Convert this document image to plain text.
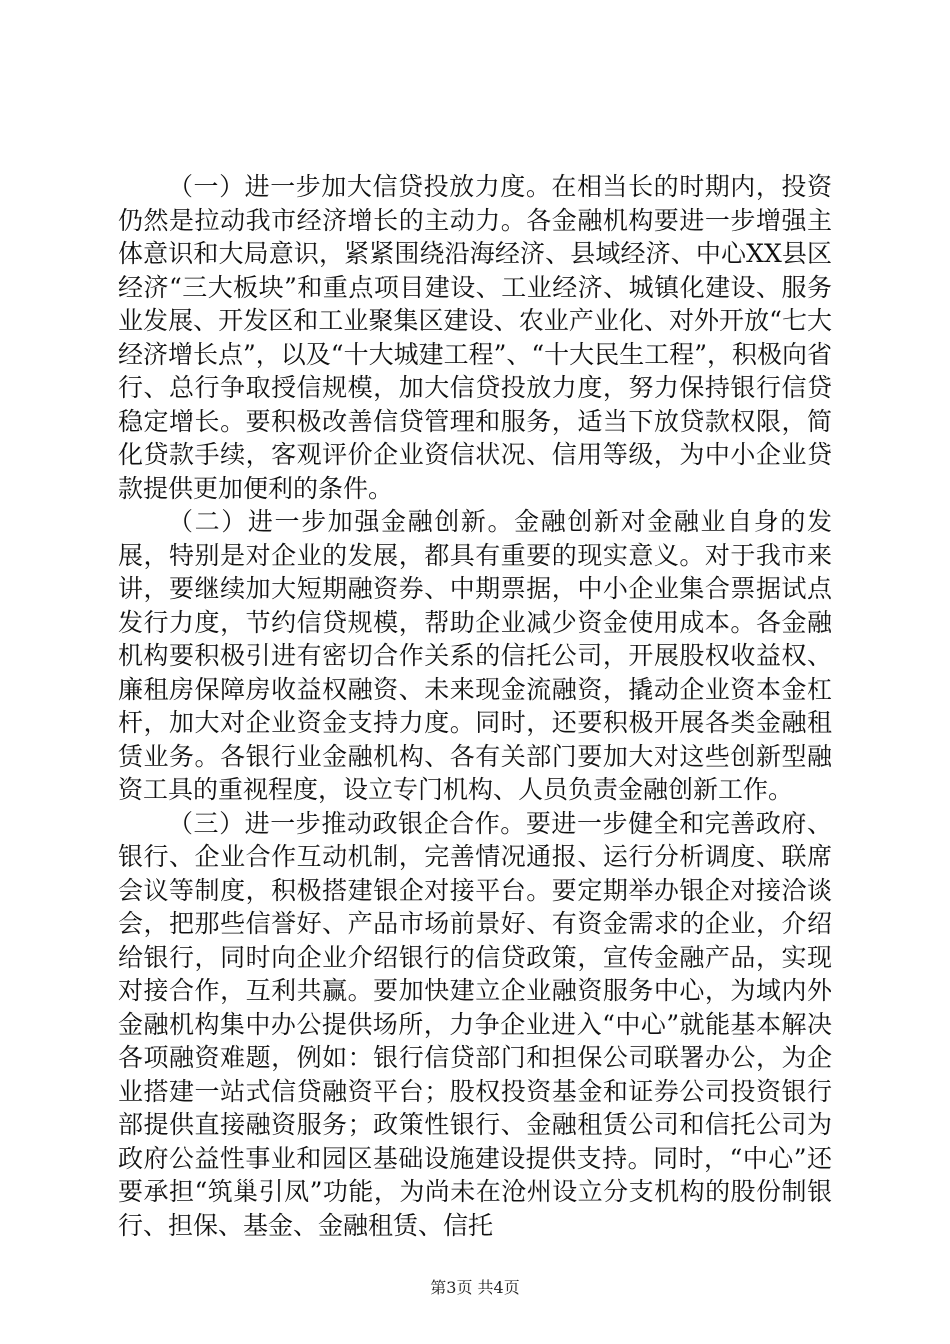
（一）进一步加大信贷投放力度。在相当长的时期内，投资仍然是拉动我市经济增长的主动力。各金融机构要进一步增强主体意识和大局意识，紧紧围绕沿海经济、县域经济、中心XX县区经济“三大板块”和重点项目建设、工业经济、城镇化建设、服务业发展、开发区和工业聚集区建设、农业产业化、对外开放“七大经济增长点”，以及“十大城建工程”、“十大民生工程”，积极向省行、总行争取授信规模，加大信贷投放力度，努力保持银行信贷稳定增长。要积极改善信贷管理和服务，适当下放贷款权限，简化贷款手续，客观评价企业资信状况、信用等级，为中小企业贷款提供更加便利的条件。

（二）进一步加强金融创新。金融创新对金融业自身的发展，特别是对企业的发展，都具有重要的现实意义。对于我市来讲，要继续加大短期融资券、中期票据，中小企业集合票据试点发行力度，节约信贷规模，帮助企业减少资金使用成本。各金融机构要积极引进有密切合作关系的信托公司，开展股权收益权、廉租房保障房收益权融资、未来现金流融资，撬动企业资本金杠杆，加大对企业资金支持力度。同时，还要积极开展各类金融租赁业务。各银行业金融机构、各有关部门要加大对这些创新型融资工具的重视程度，设立专门机构、人员负责金融创新工作。

（三）进一步推动政银企合作。要进一步健全和完善政府、银行、企业合作互动机制，完善情况通报、运行分析调度、联席会议等制度，积极搭建银企对接平台。要定期举办银企对接洽谈会，把那些信誉好、产品市场前景好、有资金需求的企业，介绍给银行，同时向企业介绍银行的信贷政策，宣传金融产品，实现对接合作，互利共赢。要加快建立企业融资服务中心，为域内外金融机构集中办公提供场所，力争企业进入“中心”就能基本解决各项融资难题，例如：银行信贷部门和担保公司联署办公，为企业搭建一站式信贷融资平台；股权投资基金和证券公司投资银行部提供直接融资服务；政策性银行、金融租赁公司和信托公司为政府公益性事业和园区基础设施建设提供支持。同时，“中心”还要承担“筑巢引凤”功能，为尚未在沧州设立分支机构的股份制银行、担保、基金、金融租赁、信托

第3页 共4页
